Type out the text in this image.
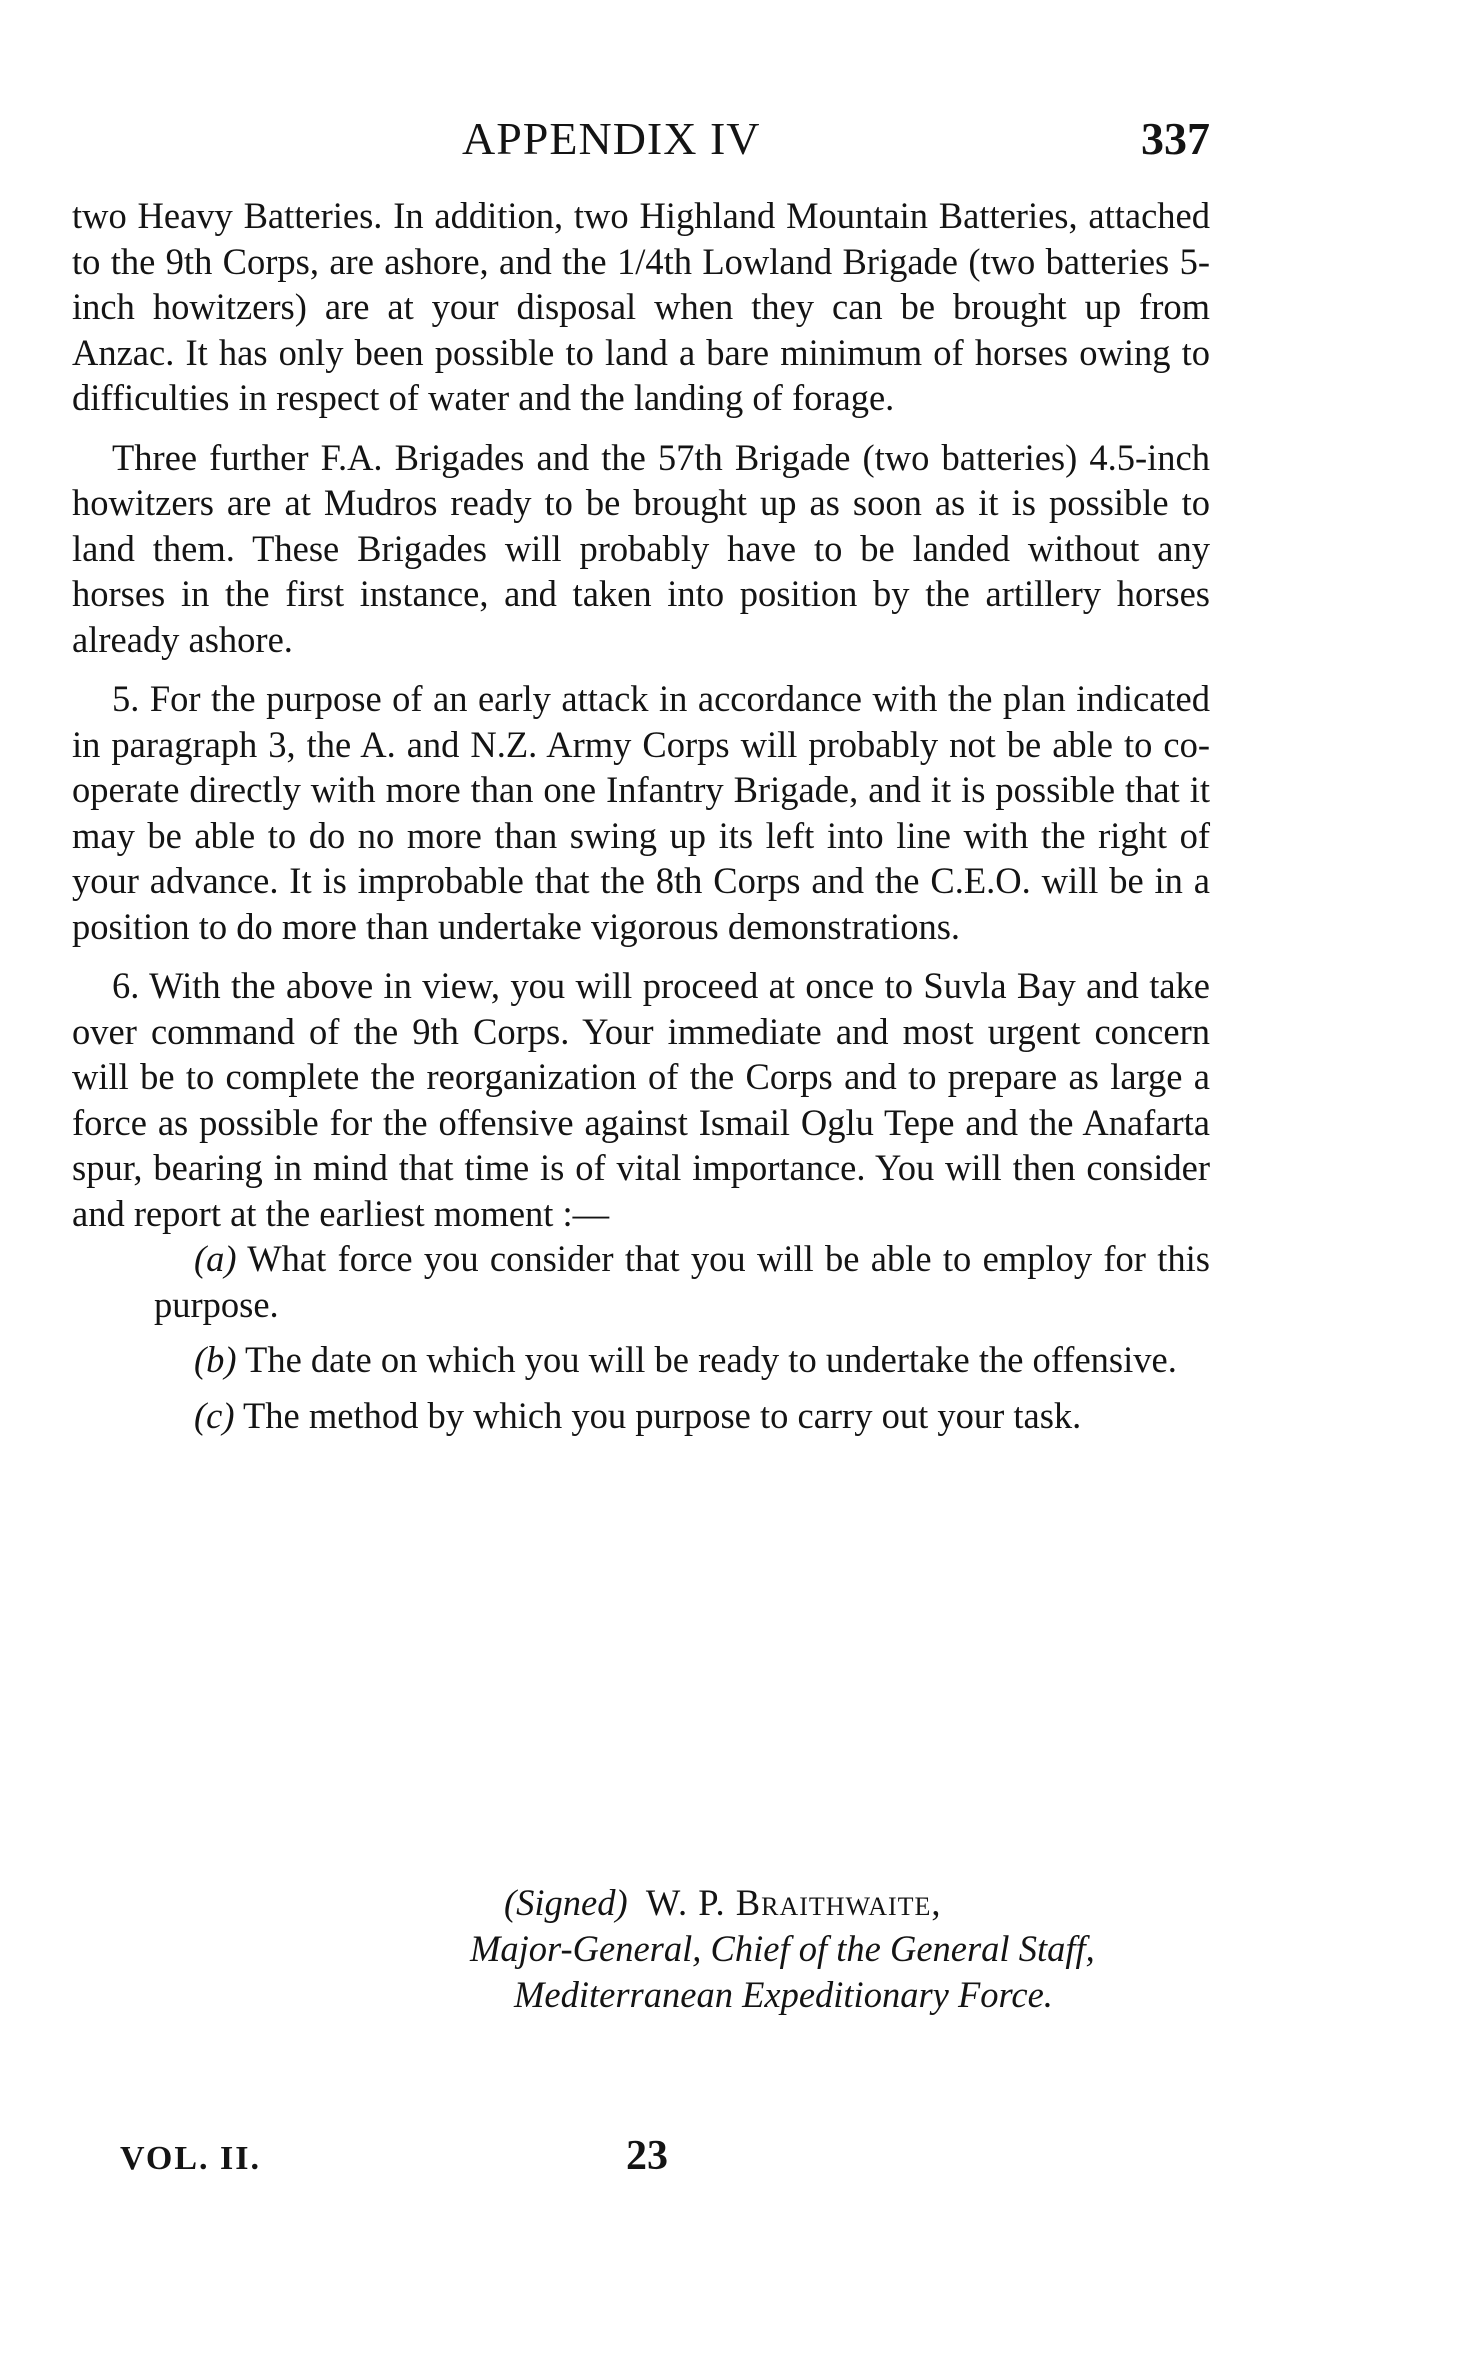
APPENDIX IV	337

two Heavy Batteries. In addition, two Highland Mountain Batteries, attached to the 9th Corps, are ashore, and the 1/4th Lowland Brigade (two batteries 5-inch howitzers) are at your disposal when they can be brought up from Anzac. It has only been possible to land a bare minimum of horses owing to difficulties in respect of water and the landing of forage.

Three further F.A. Brigades and the 57th Brigade (two batteries) 4.5-inch howitzers are at Mudros ready to be brought up as soon as it is possible to land them. These Brigades will probably have to be landed without any horses in the first instance, and taken into position by the artillery horses already ashore.

5. For the purpose of an early attack in accordance with the plan indicated in paragraph 3, the A. and N.Z. Army Corps will probably not be able to co-operate directly with more than one Infantry Brigade, and it is possible that it may be able to do no more than swing up its left into line with the right of your advance. It is improbable that the 8th Corps and the C.E.O. will be in a position to do more than undertake vigorous demonstrations.

6. With the above in view, you will proceed at once to Suvla Bay and take over command of the 9th Corps. Your immediate and most urgent concern will be to complete the reorganization of the Corps and to prepare as large a force as possible for the offensive against Ismail Oglu Tepe and the Anafarta spur, bearing in mind that time is of vital importance. You will then consider and report at the earliest moment :—

(a) What force you consider that you will be able to employ for this purpose.

(b) The date on which you will be ready to undertake the offensive.

(c) The method by which you purpose to carry out your task.

(Signed) W. P. Braithwaite,
Major-General, Chief of the General Staff,
Mediterranean Expeditionary Force.
VOL. II.	23
